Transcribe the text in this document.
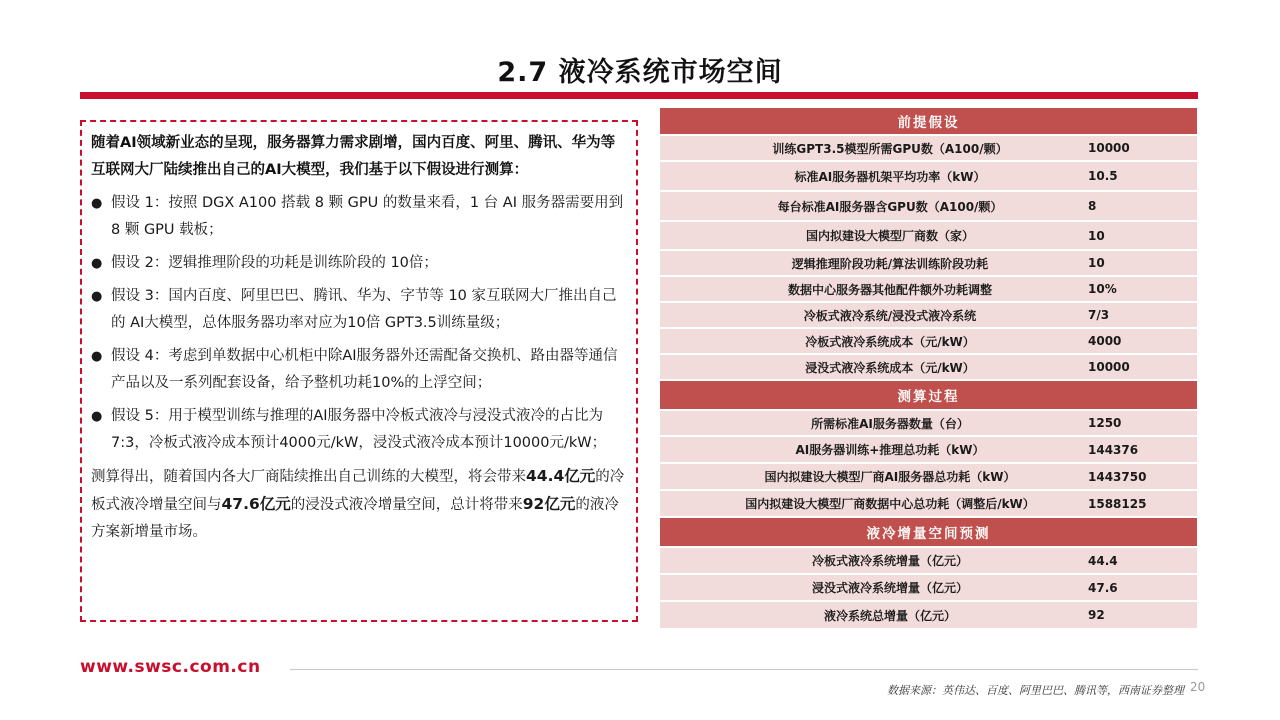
2.7 液冷系统市场空间
随着AI领域新业态的呈现，服务器算力需求剧增，国内百度、阿里、腾讯、华为等互联网大厂陆续推出自己的AI大模型，我们基于以下假设进行测算：
● 假设 1：按照 DGX A100 搭载 8 颗 GPU 的数量来看，1 台 AI 服务器需要用到 8 颗 GPU 载板；
● 假设 2：逻辑推理阶段的功耗是训练阶段的 10倍；
● 假设 3：国内百度、阿里巴巴、腾讯、华为、字节等 10 家互联网大厂推出自己的 AI大模型，总体服务器功率对应为10倍 GPT3.5训练量级；
● 假设 4：考虑到单数据中心机柜中除AI服务器外还需配备交换机、路由器等通信产品以及一系列配套设备，给予整机功耗10%的上浮空间；
● 假设 5：用于模型训练与推理的AI服务器中冷板式液冷与浸没式液冷的占比为7:3，冷板式液冷成本预计4000元/kW，浸没式液冷成本预计10000元/kW；
测算得出，随着国内各大厂商陆续推出自己训练的大模型，将会带来44.4亿元的冷板式液冷增量空间与47.6亿元的浸没式液冷增量空间，总计将带来92亿元的液冷方案新增量市场。
前提假设	
训练GPT3.5模型所需GPU数（A100/颗）	10000
标准AI服务器机架平均功率（kW）	10.5
每台标准AI服务器含GPU数（A100/颗）	8
国内拟建设大模型厂商数（家）	10
逻辑推理阶段功耗/算法训练阶段功耗	10
数据中心服务器其他配件额外功耗调整	10%
冷板式液冷系统/浸没式液冷系统	7/3
冷板式液冷系统成本（元/kW）	4000
浸没式液冷系统成本（元/kW）	10000
测算过程	
所需标准AI服务器数量（台）	1250
AI服务器训练+推理总功耗（kW）	144376
国内拟建设大模型厂商AI服务器总功耗（kW）	1443750
国内拟建设大模型厂商数据中心总功耗（调整后/kW）	1588125
液冷增量空间预测	
冷板式液冷系统增量（亿元）	44.4
浸没式液冷系统增量（亿元）	47.6
液冷系统总增量（亿元）	92
www.swsc.com.cn
数据来源：英伟达、百度、阿里巴巴、腾讯等，西南证券整理 20
